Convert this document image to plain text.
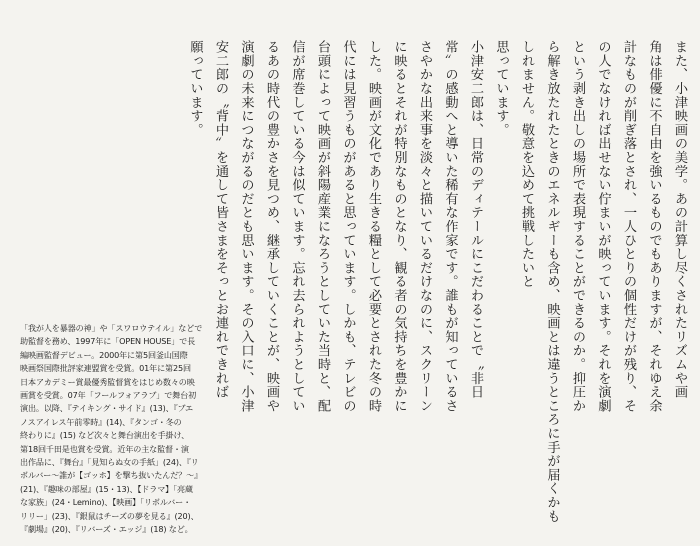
また、小津映画の美学。あの計算し尽くされたリズムや画
角は俳優に不自由を強いるものでもありますが、それゆえ余
計なものが削ぎ落とされ、一人ひとりの個性だけが残り、そ
の人でなければ出せない佇まいが映っています。それを演劇
という剥き出しの場所で表現することができるのか。抑圧か
ら解き放たれたときのエネルギーも含め、映画とは違うところに手が届くかもしれません。敬意を込めて挑戦したいと
思っています。

小津安二郎は、日常のディテールにこだわることで〝非日
常〟の感動へと導いた稀有な作家です。誰もが知っているさ
さやかな出来事を淡々と描いているだけなのに、スクリーン
に映るとそれが特別なものとなり、観る者の気持ちを豊かに
した。映画が文化であり生きる糧として必要とされた冬の時
代には見習うものがあると思っています。しかも、テレビの
台頭によって映画が斜陽産業になろうとしていた当時と、配
信が席巻している今は似ています。忘れ去られようとしてい
るあの時代の豊かさを見つめ、継承していくことが、映画や
演劇の未来につながるのだとも思います。その入口に、小津
安二郎の〝背中〟を通して皆さまをそっとお連れできれば
願っています。

「我が人を暴器の神」や「スワロウテイル」などで
助監督を務め、1997年に「OPEN HOUSE」で長
編映画監督デビュー。2000年に第5回釜山国際
映画祭国際批評家連盟賞を受賞。01年に第25回
日本アカデミー賞最優秀監督賞をはじめ数々の映
画賞を受賞。07年「フールフォアラブ」で舞台初
演出。以降、『テイキング・サイド』(13)、『ブエ
ノスアイレス午前零時』(14)、『タンゴ・冬の
終わりに』(15) など次々と舞台演出を手掛け、
第18回千田是也賞を受賞。近年の主な監督・演
出作品に、『舞台』「見知らぬ女の手紙」(24)、『リ
ボルバー〜誰が【ゴッホ】を撃ち抜いたんだ？〜』
(21)、『趣味の部屋』(15・13)、【ドラマ】「亮蔵
な家族」(24・Lemino)、【映画】「リボルバー・
リリー」(23)、『銀鼠はチーズの夢を見る』(20)、
『劇場』(20)、『リバーズ・エッジ』(18) など。
